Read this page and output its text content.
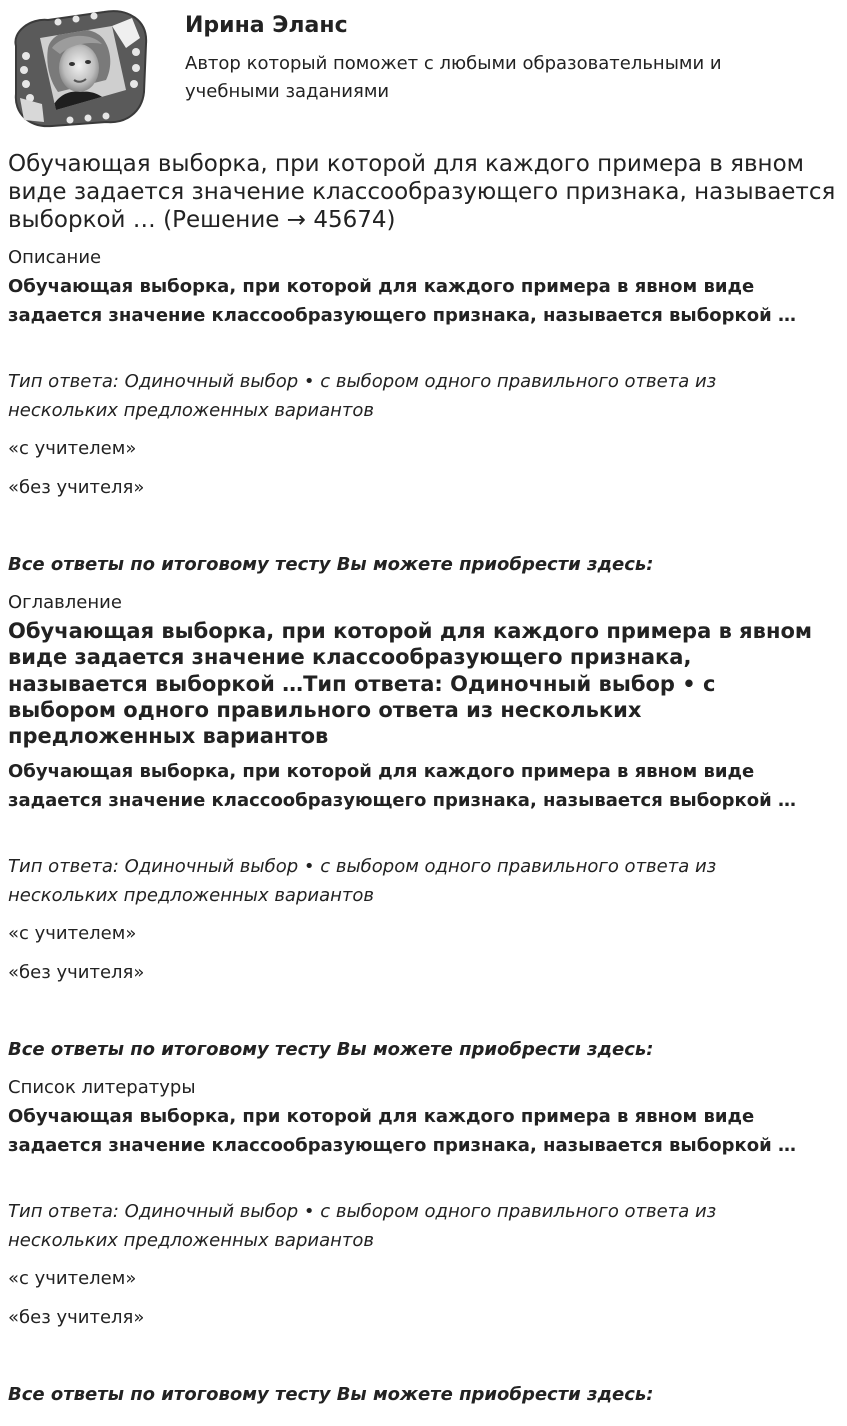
Ирина Эланс
Автор который поможет с любыми образовательными и учебными заданиями
Обучающая выборка, при которой для каждого примера в явном виде задается значение классообразующего признака, называется выборкой … (Решение → 45674)
Описание
Обучающая выборка, при которой для каждого примера в явном виде задается значение классообразующего признака, называется выборкой …
Тип ответа: Одиночный выбор • с выбором одного правильного ответа из нескольких предложенных вариантов
«с учителем»
«без учителя»
Все ответы по итоговому тесту Вы можете приобрести здесь:
Оглавление
Обучающая выборка, при которой для каждого примера в явном виде задается значение классообразующего признака, называется выборкой …Тип ответа: Одиночный выбор • с выбором одного правильного ответа из нескольких предложенных вариантов
Обучающая выборка, при которой для каждого примера в явном виде задается значение классообразующего признака, называется выборкой …
Тип ответа: Одиночный выбор • с выбором одного правильного ответа из нескольких предложенных вариантов
«с учителем»
«без учителя»
Все ответы по итоговому тесту Вы можете приобрести здесь:
Список литературы
Обучающая выборка, при которой для каждого примера в явном виде задается значение классообразующего признака, называется выборкой …
Тип ответа: Одиночный выбор • с выбором одного правильного ответа из нескольких предложенных вариантов
«с учителем»
«без учителя»
Все ответы по итоговому тесту Вы можете приобрести здесь:
